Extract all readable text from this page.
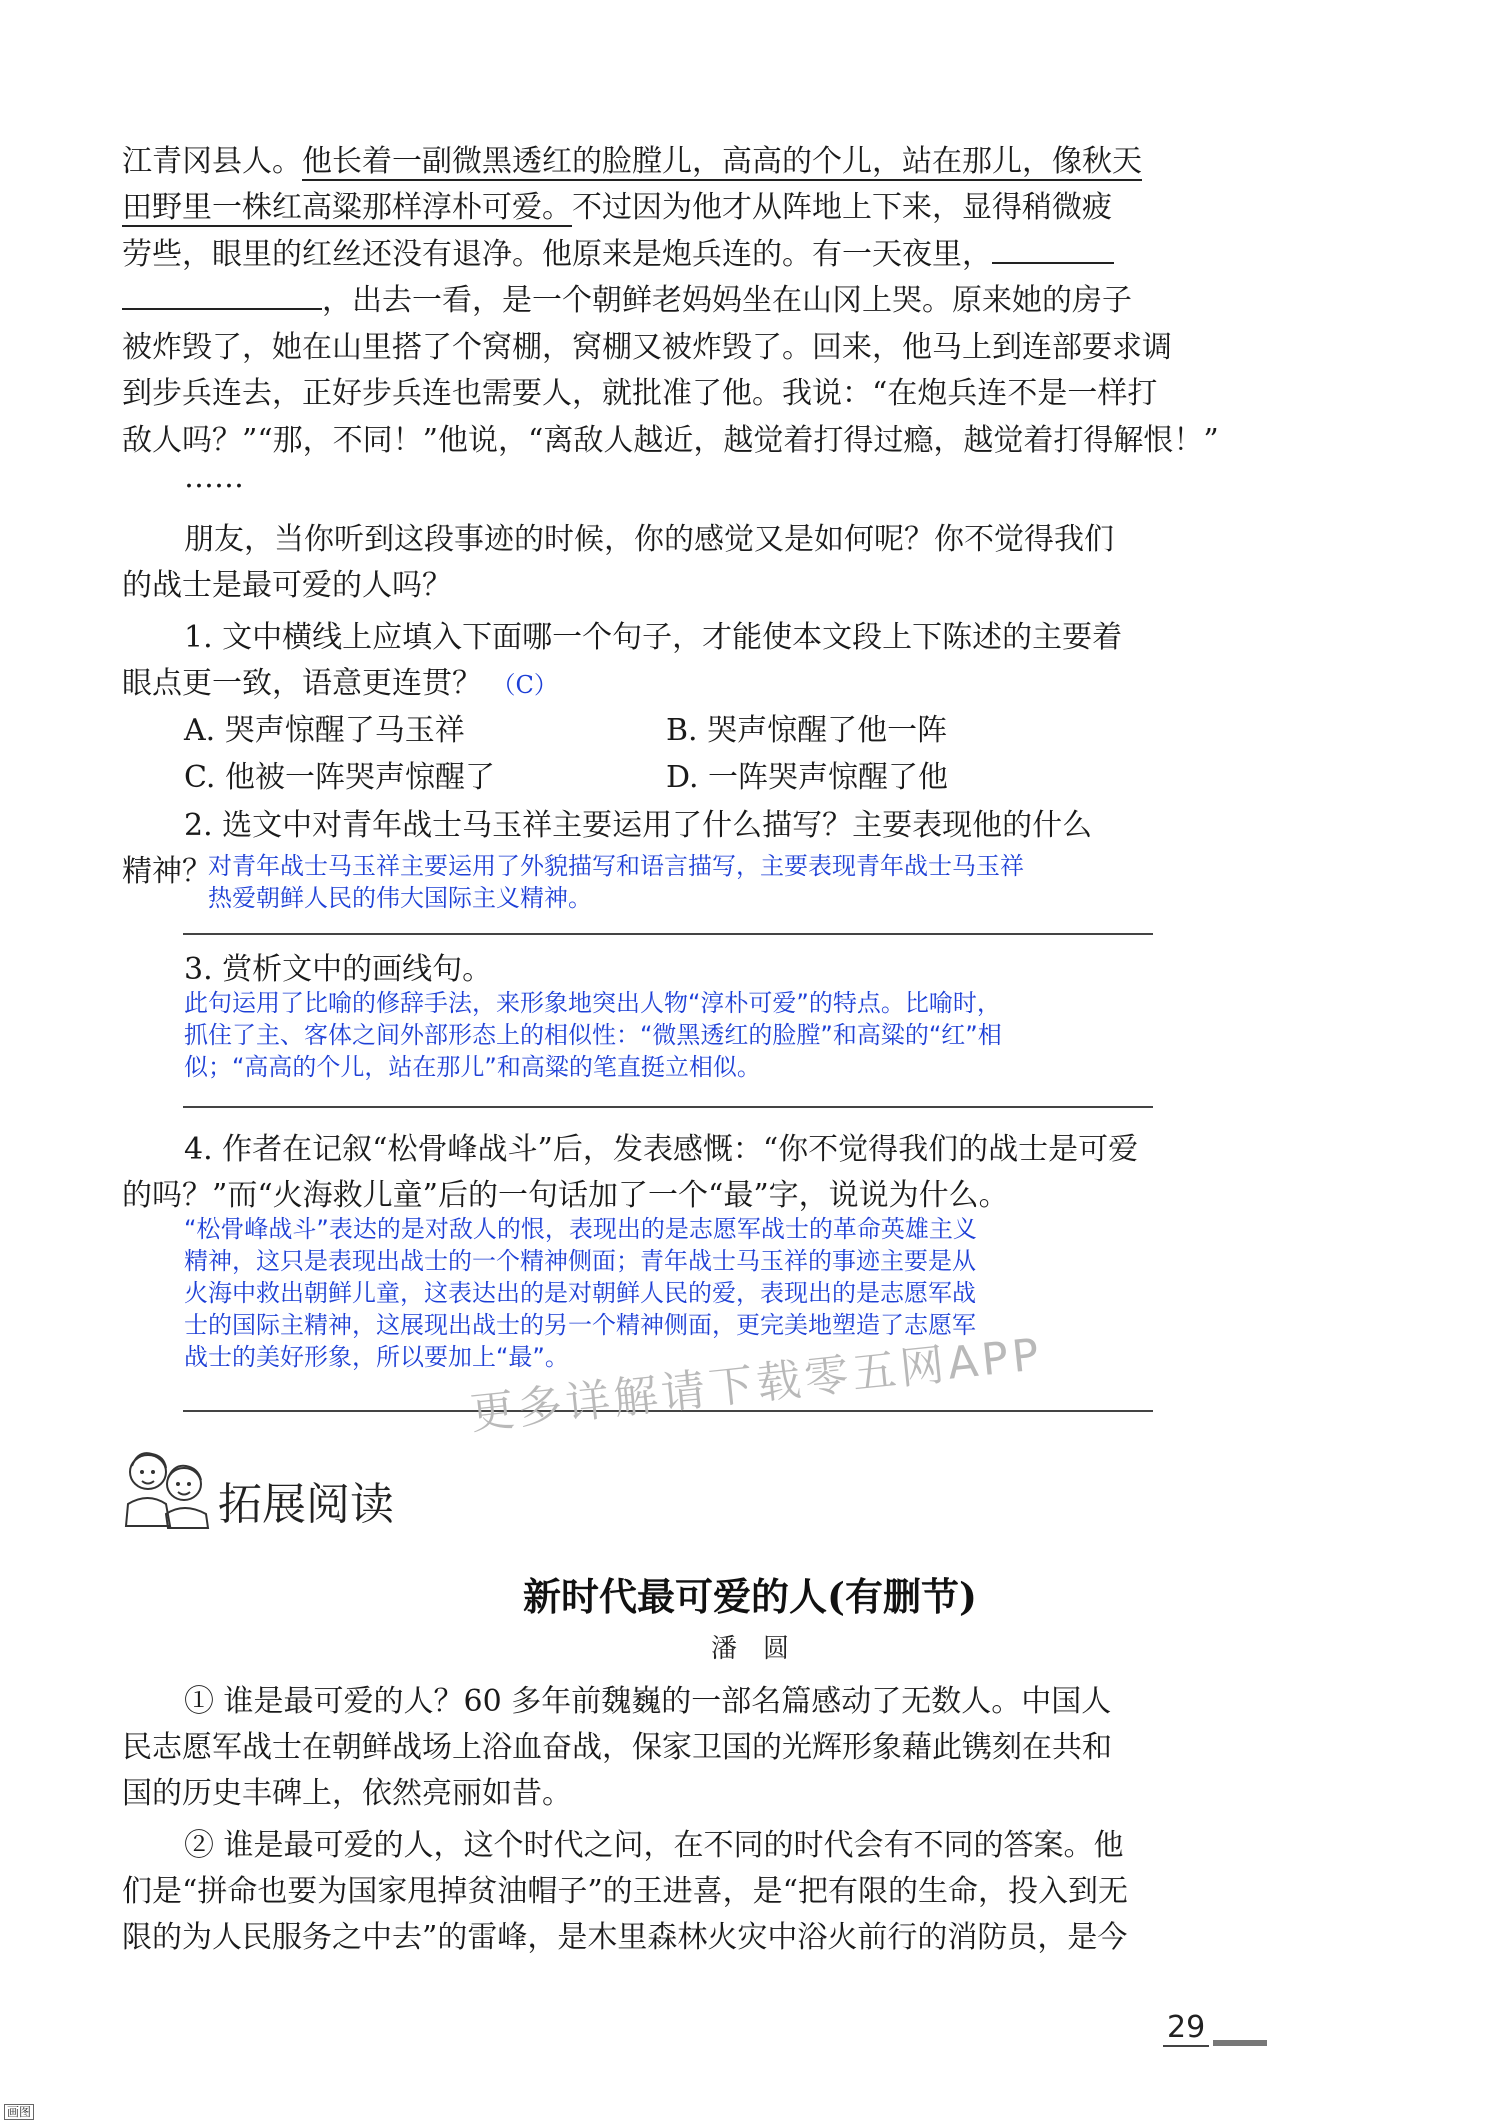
江青冈县人。他长着一副微黑透红的脸膛儿，高高的个儿，站在那儿，像秋天
田野里一株红高粱那样淳朴可爱。不过因为他才从阵地上下来，显得稍微疲
劳些，眼里的红丝还没有退净。他原来是炮兵连的。有一天夜里，
，出去一看，是一个朝鲜老妈妈坐在山冈上哭。原来她的房子
被炸毁了，她在山里搭了个窝棚，窝棚又被炸毁了。回来，他马上到连部要求调
到步兵连去，正好步兵连也需要人，就批准了他。我说：“在炮兵连不是一样打
敌人吗？”“那，不同！”他说，“离敌人越近，越觉着打得过瘾，越觉着打得解恨！”
……
朋友，当你听到这段事迹的时候，你的感觉又是如何呢？你不觉得我们
的战士是最可爱的人吗？
1. 文中横线上应填入下面哪一个句子，才能使本文段上下陈述的主要着
眼点更一致，语意更连贯？ （C）
A. 哭声惊醒了马玉祥	B. 哭声惊醒了他一阵
C. 他被一阵哭声惊醒了	D. 一阵哭声惊醒了他
2. 选文中对青年战士马玉祥主要运用了什么描写？主要表现他的什么
精神？
对青年战士马玉祥主要运用了外貌描写和语言描写，主要表现青年战士马玉祥
热爱朝鲜人民的伟大国际主义精神。
3. 赏析文中的画线句。
此句运用了比喻的修辞手法，来形象地突出人物“淳朴可爱”的特点。比喻时，
抓住了主、客体之间外部形态上的相似性：“微黑透红的脸膛”和高粱的“红”相
似；“高高的个儿，站在那儿”和高粱的笔直挺立相似。
4. 作者在记叙“松骨峰战斗”后，发表感慨：“你不觉得我们的战士是可爱
的吗？”而“火海救儿童”后的一句话加了一个“最”字，说说为什么。
“松骨峰战斗”表达的是对敌人的恨，表现出的是志愿军战士的革命英雄主义
精神，这只是表现出战士的一个精神侧面；青年战士马玉祥的事迹主要是从
火海中救出朝鲜儿童，这表达出的是对朝鲜人民的爱，表现出的是志愿军战
士的国际主精神，这展现出战士的另一个精神侧面，更完美地塑造了志愿军
战士的美好形象，所以要加上“最”。
更多详解请下载零五网APP
拓展阅读
新时代最可爱的人(有删节)
潘　圆
① 谁是最可爱的人？60 多年前魏巍的一部名篇感动了无数人。中国人
民志愿军战士在朝鲜战场上浴血奋战，保家卫国的光辉形象藉此镌刻在共和
国的历史丰碑上，依然亮丽如昔。
② 谁是最可爱的人，这个时代之问，在不同的时代会有不同的答案。他
们是“拼命也要为国家甩掉贫油帽子”的王进喜，是“把有限的生命，投入到无
限的为人民服务之中去”的雷峰，是木里森林火灾中浴火前行的消防员，是今
29
画图
